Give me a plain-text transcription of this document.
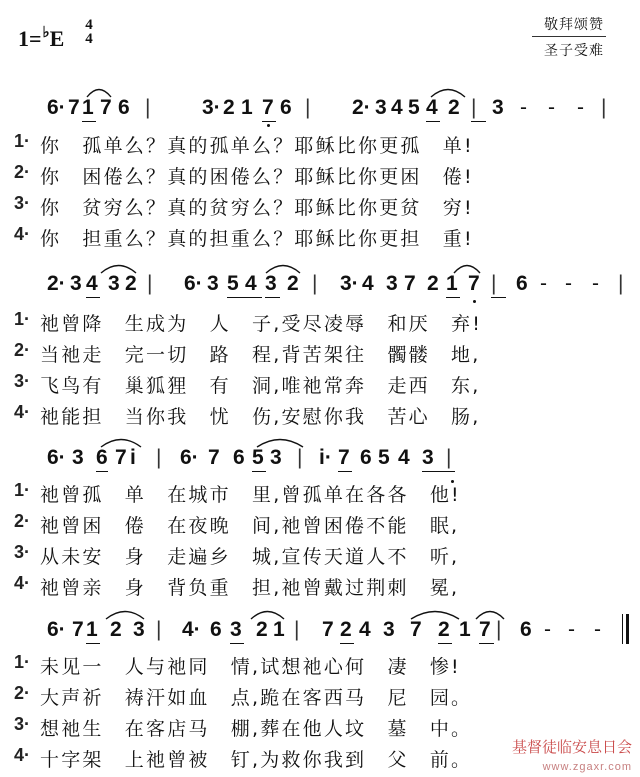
1=♭E
4
4
敬拜颂赞
圣子受难
6· 7 1 7 6 | 3· 2 1 7 6 | 2· 3 4 5 4 2 | 3 - - - |
1· 你　孤单么？真的孤单么？耶稣比你更孤　单!
2· 你　困倦么？真的困倦么？耶稣比你更困　倦!
3· 你　贫穷么？真的贫穷么？耶稣比你更贫　穷!
4· 你　担重么？真的担重么？耶稣比你更担　重!
2· 3 4 3 2 | 6· 3 5 4 3 2 | 3· 4 3 7 2 1 7 | 6 - - - |
1· 祂曾降　生成为　人　子,受尽凌辱　和厌　弃!
2· 当祂走　完一切　路　程,背苦架往　髑髅　地,
3· 飞鸟有　巢狐狸　有　洞,唯祂常奔　走西　东,
4· 祂能担　当你我　忧　伤,安慰你我　苦心　肠,
6· 3 6 7 i | 6· 7 6 5 3 | i· 7 6 5 4 3 |
1· 祂曾孤　单　在城市　里,曾孤单在各各　他!
2· 祂曾困　倦　在夜晚　间,祂曾困倦不能　眠,
3· 从未安　身　走遍乡　城,宣传天道人不　听,
4· 祂曾亲　身　背负重　担,祂曾戴过荆刺　冕,
6· 7 1 2 3 | 4· 6 3 2 1 | 7 2 4 3 7 2 1 7 | 6 - - -
1· 未见一　人与祂同　情,试想祂心何　凄　惨!
2· 大声祈　祷汗如血　点,跪在客西马　尼　园。
3· 想祂生　在客店马　棚,葬在他人坟　墓　中。
4· 十字架　上祂曾被　钉,为救你我到　父　前。
基督徒临安息日会
www.zgaxr.com
